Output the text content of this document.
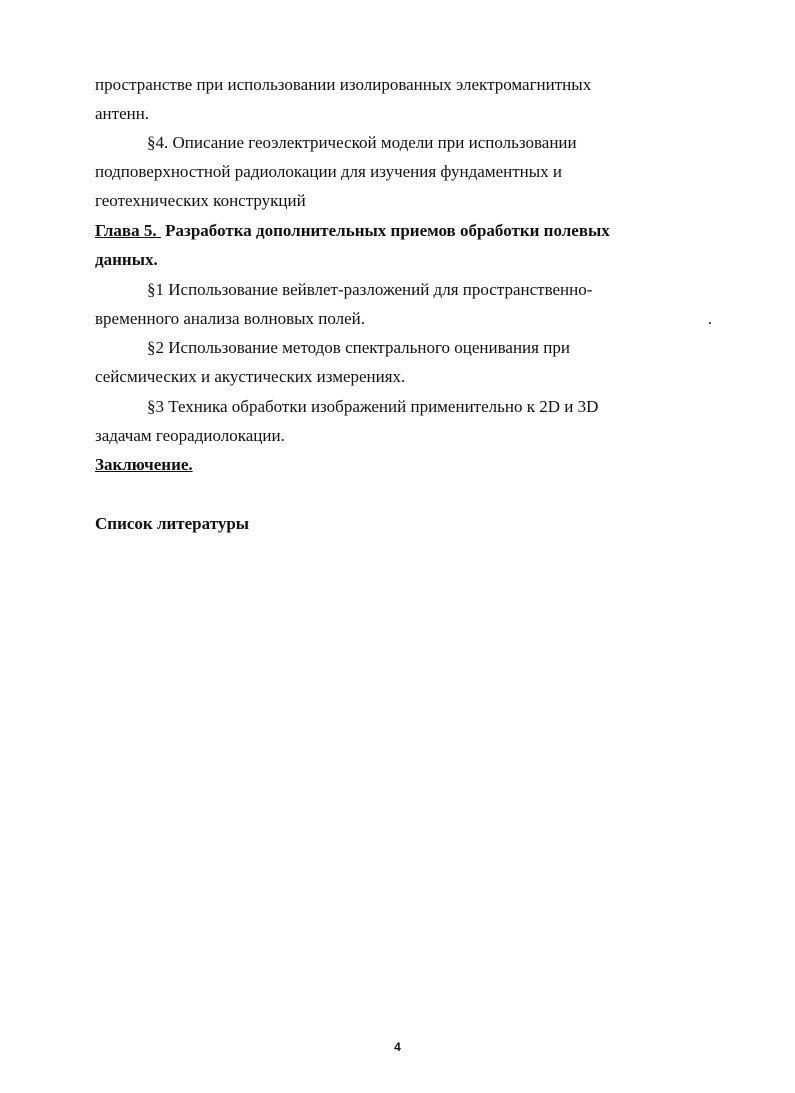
пространстве при использовании изолированных электромагнитных
антенн.
§4. Описание геоэлектрической модели при использовании
подповерхностной радиолокации для изучения фундаментных и
геотехнических конструкций
Глава 5. Разработка дополнительных приемов обработки полевых
данных.
§1 Использование вейвлет-разложений для пространственно-
временного анализа волновых полей.
§2 Использование методов спектрального оценивания при
сейсмических и акустических измерениях.
§3 Техника обработки изображений применительно к 2D и 3D
задачам георадиолокации.
Заключение.
Список литературы
4
